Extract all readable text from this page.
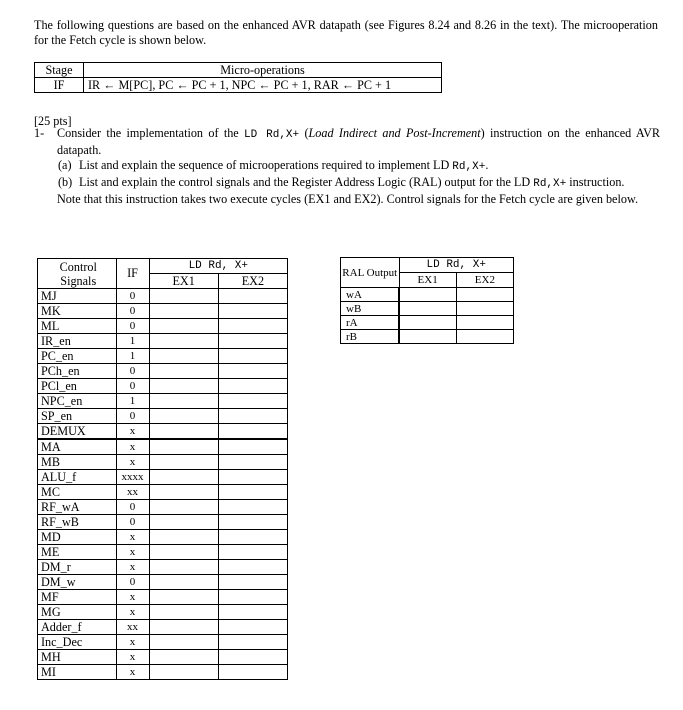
The following questions are based on the enhanced AVR datapath (see Figures 8.24 and 8.26 in the text). The microoperation for the Fetch cycle is shown below.

Stage	Micro-operations
IF	IR ← M[PC], PC ← PC + 1, NPC ← PC + 1, RAR ← PC + 1

[25 pts]

1- Consider the implementation of the LD Rd,X+ (Load Indirect and Post-Increment) instruction on the enhanced AVR datapath.

(a) List and explain the sequence of microoperations required to implement LD Rd,X+.

(b) List and explain the control signals and the Register Address Logic (RAL) output for the LD Rd,X+ instruction.

Note that this instruction takes two execute cycles (EX1 and EX2). Control signals for the Fetch cycle are given below.

Control Signals	IF	LD Rd, X+	
		EX1	EX2
MJ	0		
MK	0		
ML	0		
IR_en	1		
PC_en	1		
PCh_en	0		
PCl_en	0		
NPC_en	1		
SP_en	0		
DEMUX	x		
MA	x		
MB	x		
ALU_f	xxxx		
MC	xx		
RF_wA	0		
RF_wB	0		
MD	x		
ME	x		
DM_r	x		
DM_w	0		
MF	x		
MG	x		
Adder_f	xx		
Inc_Dec	x		
MH	x		
MI	x		
RAL Output	LD Rd, X+	
	EX1	EX2
wA		
wB		
rA		
rB		
